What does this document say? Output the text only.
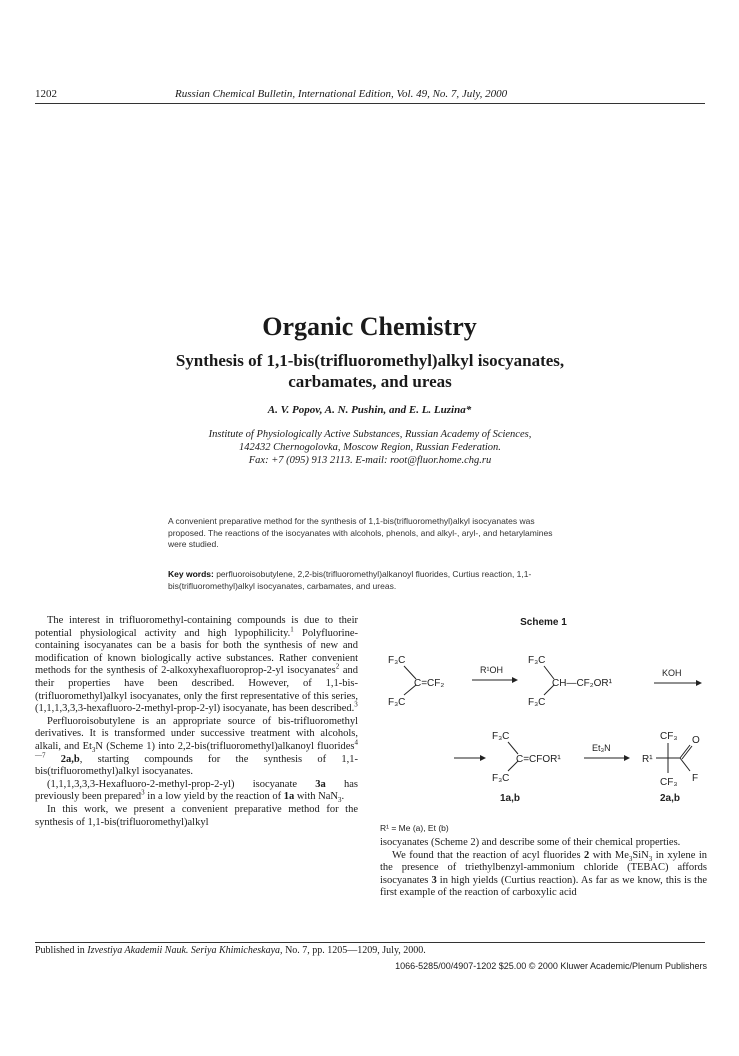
1202	Russian Chemical Bulletin, International Edition, Vol. 49, No. 7, July, 2000
Organic Chemistry
Synthesis of 1,1-bis(trifluoromethyl)alkyl isocyanates,
carbamates, and ureas
A. V. Popov, A. N. Pushin, and E. L. Luzina*
Institute of Physiologically Active Substances, Russian Academy of Sciences,
142432 Chernogolovka, Moscow Region, Russian Federation.
Fax: +7 (095) 913 2113. E-mail: root@fluor.home.chg.ru
A convenient preparative method for the synthesis of 1,1-bis(trifluoromethyl)alkyl isocyanates was proposed. The reactions of the isocyanates with alcohols, phenols, and alkyl-, aryl-, and hetarylamines were studied.
Key words: perfluoroisobutylene, 2,2-bis(trifluoromethyl)alkanoyl fluorides, Curtius reaction, 1,1-bis(trifluoromethyl)alkyl isocyanates, carbamates, and ureas.

The interest in trifluoromethyl-containing compounds is due to their potential physiological activity and high lypophilicity.$^1$ Polyfluorine-containing isocyanates can be a basis for both the synthesis of new and modification of known biologically active substances. Rather convenient methods for the synthesis of 2-alkoxyhexafluoroprop-2-yl isocyanates$^2$ and their properties have been described. However, of 1,1-bis-(trifluoromethyl)alkyl isocyanates, only the first representative of this series, (1,1,1,3,3,3-hexafluoro-2-methyl-prop-2-yl) isocyanate, has been described.$^3$

Perfluoroisobutylene is an appropriate source of bis-trifluoromethyl derivatives. It is transformed under successive treatment with alcohols, alkali, and $Et_3N$ (Scheme 1) into 2,2-bis(trifluoromethyl)alkanoyl fluorides$^{4—7}$ 2a,b, starting compounds for the synthesis of 1,1-bis(trifluoromethyl)alkyl isocyanates.

(1,1,1,3,3,3-Hexafluoro-2-methyl-prop-2-yl) isocyanate 3a has previously been prepared$^3$ in a low yield by the reaction of 1a with NaN$_3$.

In this work, we present a convenient preparative method for the synthesis of 1,1-bis(trifluoromethyl)alkyl

Scheme 1
F₃C
F₃C
C=CF₂
R¹OH
F₃C
F₃C
CH—CF₂OR¹
KOH
F₃C
F₃C
C=CFOR¹
1a,b
Et₃N
R¹
CF₃
CF₃
O
F
2a,b
R¹ = Me (a), Et (b)

isocyanates (Scheme 2) and describe some of their chemical properties.

We found that the reaction of acyl fluorides 2 with $Me_3SiN_3$ in xylene in the presence of triethylbenzyl-ammonium chloride (TEBAC) affords isocyanates 3 in high yields (Curtius reaction). As far as we know, this is the first example of the reaction of carboxylic acid

Published in Izvestiya Akademii Nauk. Seriya Khimicheskaya, No. 7, pp. 1205—1209, July, 2000.
1066-5285/00/4907-1202 $25.00 © 2000 Kluwer Academic/Plenum Publishers
